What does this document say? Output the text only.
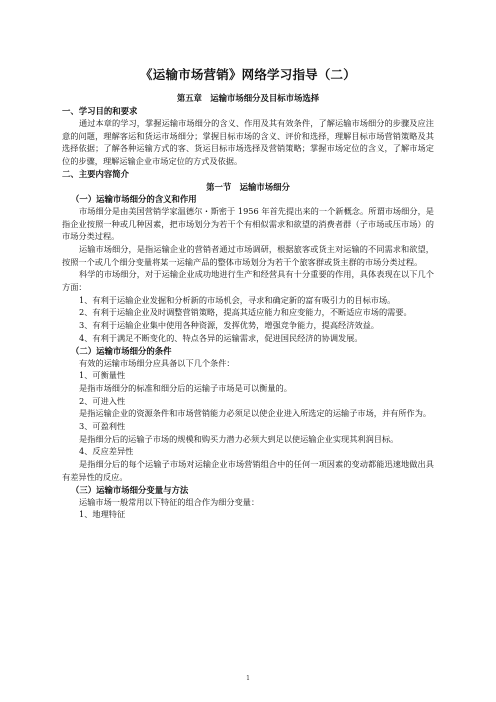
《运输市场营销》网络学习指导（二）
第五章　运输市场细分及目标市场选择
一、学习目的和要求
通过本章的学习，掌握运输市场细分的含义、作用及其有效条件，了解运输市场细分的步骤及应注意的问题，理解客运和货运市场细分；掌握目标市场的含义、评价和选择，理解目标市场营销策略及其选择依据；了解各种运输方式的客、货运目标市场选择及营销策略；掌握市场定位的含义，了解市场定位的步骤，理解运输企业市场定位的方式及依据。
二、主要内容简介
第一节　运输市场细分
（一）运输市场细分的含义和作用
市场细分是由美国营销学家温德尔・斯密于 1956 年首先提出来的一个新概念。所谓市场细分，是指企业按照一种或几种因素，把市场划分为若干个有相似需求和欲望的消费者群（子市场或压市场）的市场分类过程。
运输市场细分，是指运输企业的营销者通过市场调研，根据旅客或货主对运输的不同需求和欲望，按照一个或几个细分变量将某一运输产品的整体市场划分为若干个旅客群或货主群的市场分类过程。
科学的市场细分，对于运输企业成功地进行生产和经营具有十分重要的作用，具体表现在以下几个方面：
1、有利于运输企业发掘和分析新的市场机会，寻求和确定新的富有吸引力的目标市场。
2、有利于运输企业及时调整营销策略，提高其适应能力和应变能力，不断适应市场的需要。
3、有利于运输企业集中使用各种资源，发挥优势，增强竞争能力，提高经济效益。
4、有利于满足不断变化的、特点各异的运输需求，促进国民经济的协调发展。
（二）运输市场细分的条件
有效的运输市场细分应具备以下几个条件：
1、可衡量性
是指市场细分的标准和细分后的运输子市场是可以衡量的。
2、可进入性
是指运输企业的资源条件和市场营销能力必须足以使企业进入所选定的运输子市场，并有所作为。
3、可盈利性
是指细分后的运输子市场的规模和购买力潜力必须大到足以使运输企业实现其利润目标。
4、反应差异性
是指细分后的每个运输子市场对运输企业市场营销组合中的任何一项因素的变动都能迅速地做出具有差异性的反应。
（三）运输市场细分变量与方法
运输市场一般常用以下特征的组合作为细分变量：
1、地理特征
1
